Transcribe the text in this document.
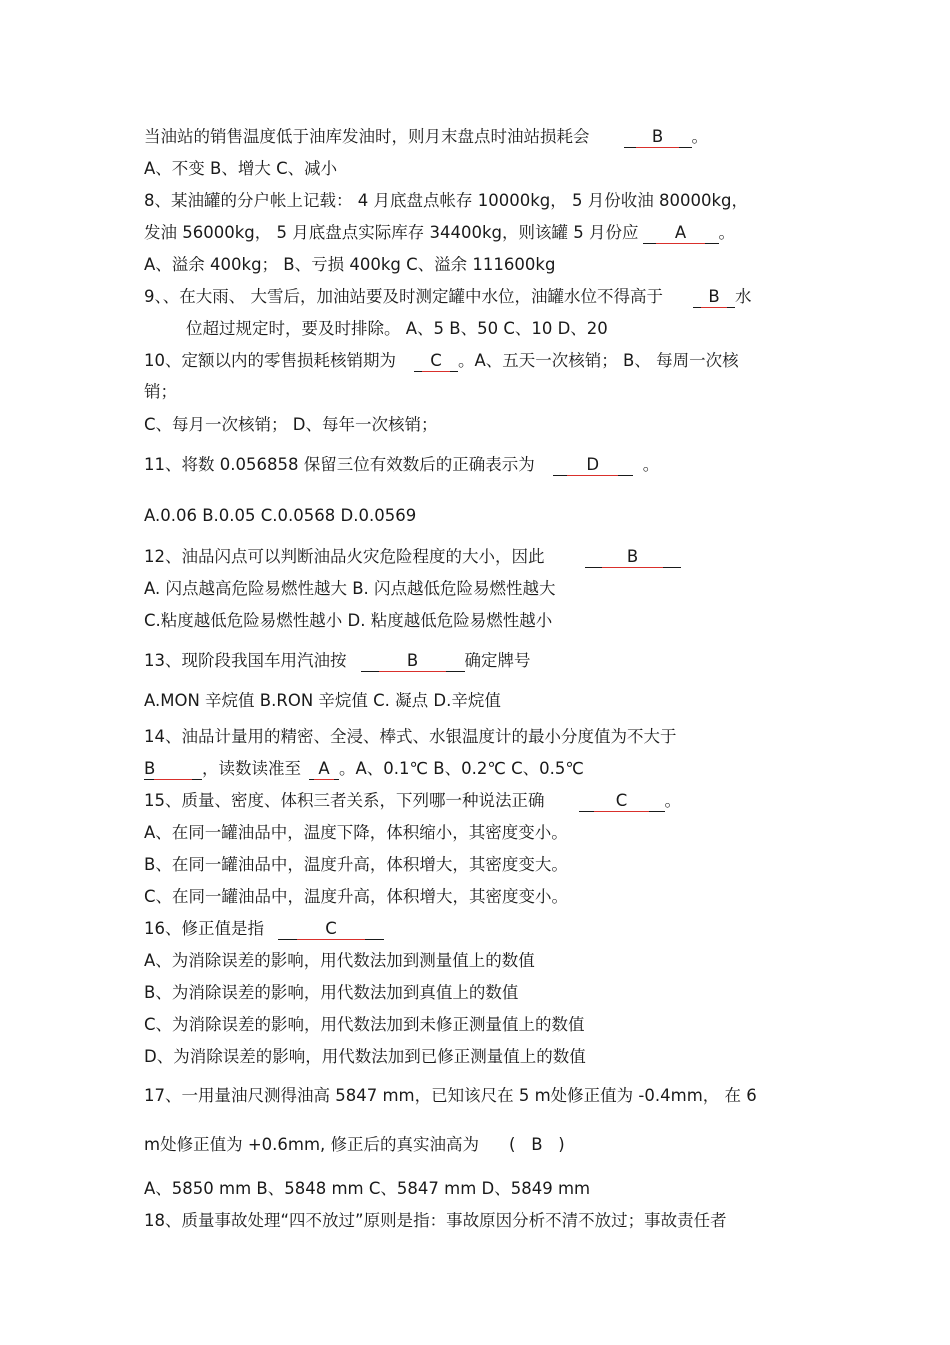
当油站的销售温度低于油库发油时，则月末盘点时油站损耗会	B 。
A、不变 B、增大 C、减小
8、某油罐的分户帐上记载： 4 月底盘点帐存 10000kg， 5 月份收油 80000kg，
发油 56000kg， 5 月底盘点实际库存 34400kg，则该罐 5 月份应 A 。
A、溢余 400kg； B、亏损 400kg C、溢余 111600kg
9、、在大雨、 大雪后，加油站要及时测定罐中水位，油罐水位不得高于	B 水
位超过规定时，要及时排除。 A、5 B、50 C、10 D、20
10、定额以内的零售损耗核销期为 C 。A、五天一次核销； B、 每周一次核
销；
C、每月一次核销； D、每年一次核销；
11、将数 0.056858 保留三位有效数后的正确表示为	D	。
A.0.06 B.0.05 C.0.0568 D.0.0569
12、油品闪点可以判断油品火灾危险程度的大小，因此	B
A. 闪点越高危险易燃性越大 B. 闪点越低危险易燃性越大
C.粘度越低危险易燃性越小 D. 粘度越低危险易燃性越小
13、现阶段我国车用汽油按	B	确定牌号
A.MON 辛烷值 B.RON 辛烷值 C. 凝点 D.辛烷值
14、油品计量用的精密、全浸、棒式、水银温度计的最小分度值为不大于
B	，读数读准至 A 。A、0.1℃ B、0.2℃ C、0.5℃
15、质量、密度、体积三者关系，下列哪一种说法正确	C 。
A、在同一罐油品中，温度下降，体积缩小，其密度变小。
B、在同一罐油品中，温度升高，体积增大，其密度变大。
C、在同一罐油品中，温度升高，体积增大，其密度变小。
16、修正值是指	C
A、为消除误差的影响，用代数法加到测量值上的数值
B、为消除误差的影响，用代数法加到真值上的数值
C、为消除误差的影响，用代数法加到未修正测量值上的数值
D、为消除误差的影响，用代数法加到已修正测量值上的数值
17、一用量油尺测得油高 5847 mm，已知该尺在 5 m处修正值为 -0.4mm， 在 6
m处修正值为 +0.6mm, 修正后的真实油高为 (   B   )
A、5850 mm B、5848 mm C、5847 mm D、5849 mm
18、质量事故处理“四不放过”原则是指：事故原因分析不清不放过；事故责任者
